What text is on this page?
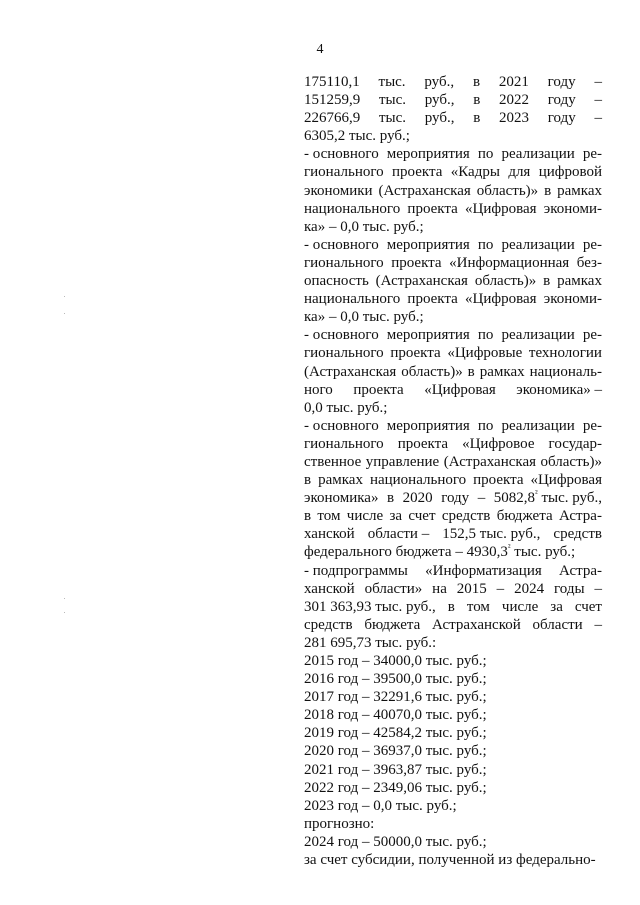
4
175110,1 тыс. руб., в 2021 году –
151259,9 тыс. руб., в 2022 году –
226766,9 тыс. руб., в 2023 году –
6305,2 тыс. руб.;
- основного мероприятия по реализации ре-
гионального проекта «Кадры для цифровой
экономики (Астраханская область)» в рамках
национального проекта «Цифровая экономи-
ка» – 0,0 тыс. руб.;
- основного мероприятия по реализации ре-
гионального проекта «Информационная без-
опасность (Астраханская область)» в рамках
национального проекта «Цифровая экономи-
ка» – 0,0 тыс. руб.;
- основного мероприятия по реализации ре-
гионального проекта «Цифровые технологии
(Астраханская область)» в рамках националь-
ного проекта «Цифровая экономика» –
0,0 тыс. руб.;
- основного мероприятия по реализации ре-
гионального проекта «Цифровое государ-
ственное управление (Астраханская область)»
в рамках национального проекта «Цифровая
экономика» в 2020 году – $5082,8^{^2}$ тыс. руб.,
в том числе за счет средств бюджета Астра-
ханской области – 152,5 тыс. руб., средств
федерального бюджета – $4930,3^{^2}$ тыс. руб.;
- подпрограммы «Информатизация Астра-
ханской области» на 2015 – 2024 годы –
301 363,93 тыс. руб., в том числе за счет
средств бюджета Астраханской области –
281 695,73 тыс. руб.:
2015 год – 34000,0 тыс. руб.;
2016 год – 39500,0 тыс. руб.;
2017 год – 32291,6 тыс. руб.;
2018 год – 40070,0 тыс. руб.;
2019 год – 42584,2 тыс. руб.;
2020 год – 36937,0 тыс. руб.;
2021 год – 3963,87 тыс. руб.;
2022 год – 2349,06 тыс. руб.;
2023 год – 0,0 тыс. руб.;
прогнозно:
2024 год – 50000,0 тыс. руб.;
за счет субсидии, полученной из федерально-
